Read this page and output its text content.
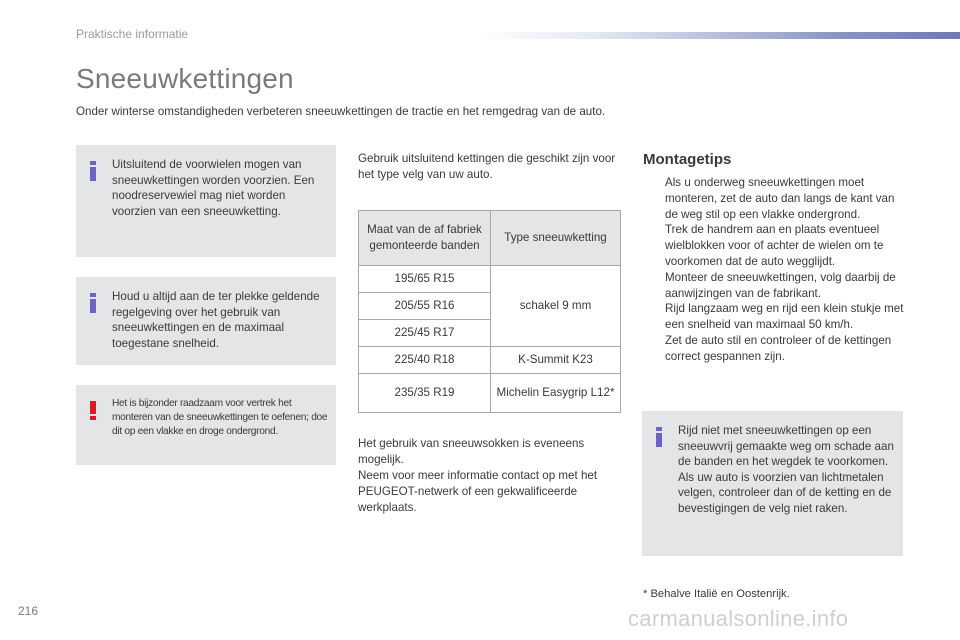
Praktische informatie
Sneeuwkettingen

Onder winterse omstandigheden verbeteren sneeuwkettingen de tractie en het remgedrag van de auto.

Uitsluitend de voorwielen mogen van sneeuwkettingen worden voorzien. Een noodreservewiel mag niet worden voorzien van een sneeuwketting.

Houd u altijd aan de ter plekke geldende regelgeving over het gebruik van sneeuwkettingen en de maximaal toegestane snelheid.

Het is bijzonder raadzaam voor vertrek het monteren van de sneeuwkettingen te oefenen; doe dit op een vlakke en droge ondergrond.

Gebruik uitsluitend kettingen die geschikt zijn voor het type velg van uw auto.

Maat van de af fabriek gemonteerde banden	Type sneeuwketting
195/65 R15	schakel 9 mm
205/55 R16	
225/45 R17	
225/40 R18	K-Summit K23
235/35 R19	Michelin Easygrip L12*

Het gebruik van sneeuwsokken is eveneens mogelijk.

Neem voor meer informatie contact op met het PEUGEOT-netwerk of een gekwalificeerde werkplaats.

Montagetips
Als u onderweg sneeuwkettingen moet monteren, zet de auto dan langs de kant van de weg stil op een vlakke ondergrond.
Trek de handrem aan en plaats eventueel wielblokken voor of achter de wielen om te voorkomen dat de auto wegglijdt.
Monteer de sneeuwkettingen, volg daarbij de aanwijzingen van de fabrikant.
Rijd langzaam weg en rijd een klein stukje met een snelheid van maximaal 50 km/h.
Zet de auto stil en controleer of de kettingen correct gespannen zijn.

Rijd niet met sneeuwkettingen op een sneeuwvrij gemaakte weg om schade aan de banden en het wegdek te voorkomen. Als uw auto is voorzien van lichtmetalen velgen, controleer dan of de ketting en de bevestigingen de velg niet raken.

* Behalve Italië en Oostenrijk.

216	carmanualsonline.info
